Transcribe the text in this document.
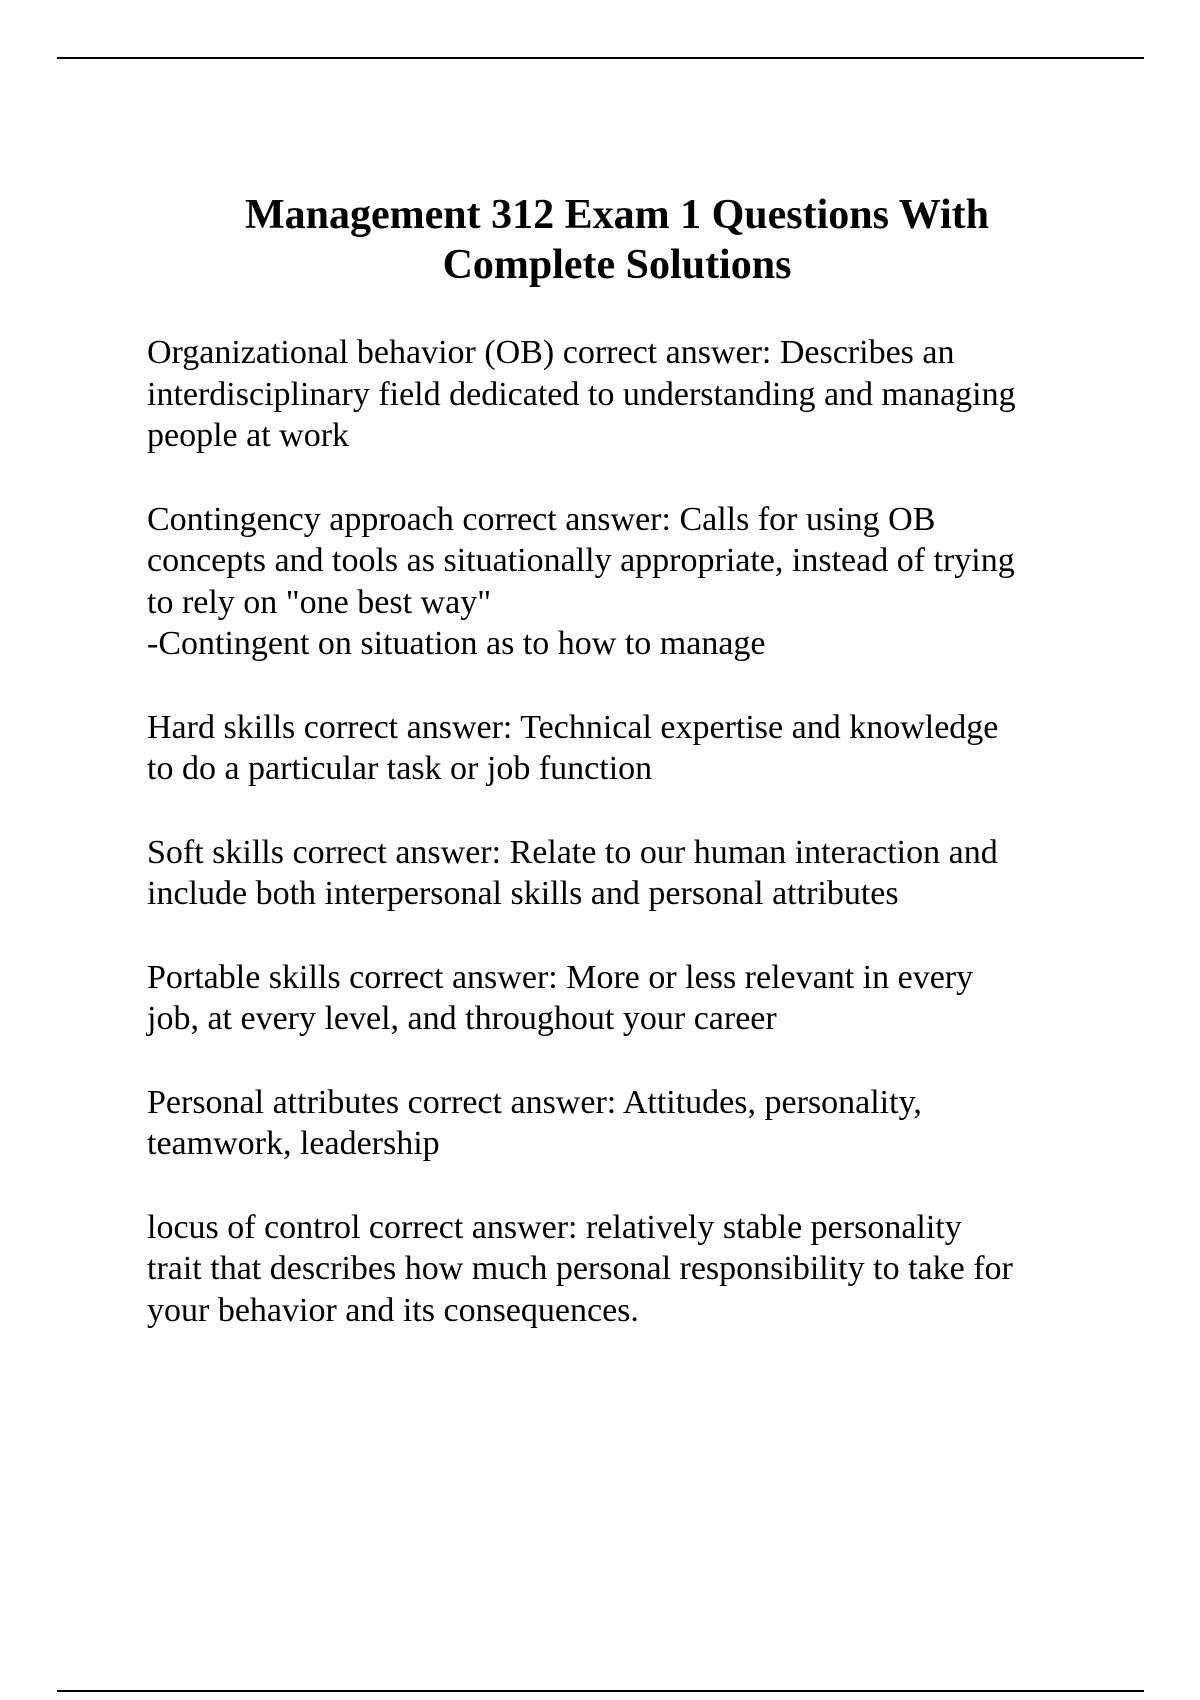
Management 312 Exam 1 Questions With
Complete Solutions

Organizational behavior (OB) correct answer: Describes an
interdisciplinary field dedicated to understanding and managing
people at work

Contingency approach correct answer: Calls for using OB
concepts and tools as situationally appropriate, instead of trying
to rely on "one best way"
-Contingent on situation as to how to manage

Hard skills correct answer: Technical expertise and knowledge
to do a particular task or job function

Soft skills correct answer: Relate to our human interaction and
include both interpersonal skills and personal attributes

Portable skills correct answer: More or less relevant in every
job, at every level, and throughout your career

Personal attributes correct answer: Attitudes, personality,
teamwork, leadership

locus of control correct answer: relatively stable personality
trait that describes how much personal responsibility to take for
your behavior and its consequences.
